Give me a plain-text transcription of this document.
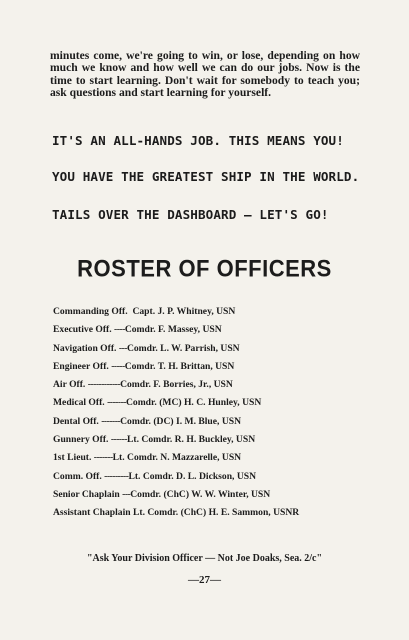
minutes come, we're going to win, or lose, depending on how much we know and how well we can do our jobs. Now is the time to start learning. Don't wait for somebody to teach you; ask questions and start learning for yourself.

IT'S AN ALL-HANDS JOB. THIS MEANS YOU!

YOU HAVE THE GREATEST SHIP IN THE WORLD.

TAILS OVER THE DASHBOARD — LET'S GO!

ROSTER OF OFFICERS
Commanding Off. Capt. J. P. Whitney, USN
Executive Off. ----Comdr. F. Massey, USN
Navigation Off. ---Comdr. L. W. Parrish, USN
Engineer Off. -----Comdr. T. H. Brittan, USN
Air Off. ------------Comdr. F. Borries, Jr., USN
Medical Off. -------Comdr. (MC) H. C. Hunley, USN
Dental Off. -------Comdr. (DC) I. M. Blue, USN
Gunnery Off. ------Lt. Comdr. R. H. Buckley, USN
1st Lieut. -------Lt. Comdr. N. Mazzarelle, USN
Comm. Off. ---------Lt. Comdr. D. L. Dickson, USN
Senior Chaplain ---Comdr. (ChC) W. W. Winter, USN
Assistant Chaplain Lt. Comdr. (ChC) H. E. Sammon, USNR

"Ask Your Division Officer — Not Joe Doaks, Sea. 2/c"

—27—
